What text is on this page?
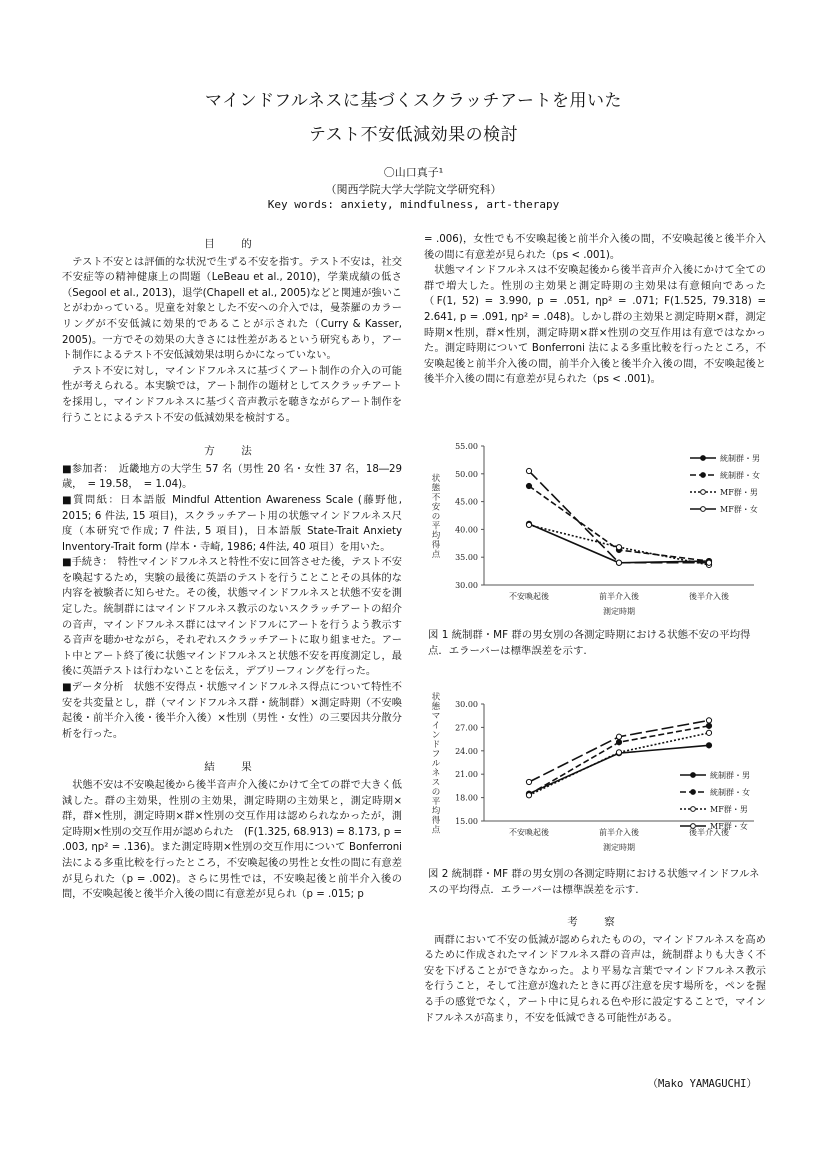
マインドフルネスに基づくスクラッチアートを用いた
テスト不安低減効果の検討
〇山口真子¹
（関西学院大学大学院文学研究科）
Key words: anxiety, mindfulness, art-therapy

目　的

テスト不安とは評価的な状況で生ずる不安を指す。テスト不安は，社交不安症等の精神健康上の問題（LeBeau et al., 2010)，学業成績の低さ（Segool et al., 2013)，退学(Chapell et al., 2005)などと関連が強いことがわかっている。児童を対象とした不安への介入では，曼荼羅のカラーリングが不安低減に効果的であることが示された（Curry & Kasser, 2005)。一方でその効果の大きさには性差があるという研究もあり，アート制作によるテスト不安低減効果は明らかになっていない。

テスト不安に対し，マインドフルネスに基づくアート制作の介入の可能性が考えられる。本実験では，アート制作の題材としてスクラッチアートを採用し，マインドフルネスに基づく音声教示を聴きながらアート制作を行うことによるテスト不安の低減効果を検討する。

方　法

■参加者：　近畿地方の大学生 57 名（男性 20 名・女性 37 名，18―29 歳，　= 19.58，　= 1.04)。

■質問紙：日本語版 Mindful Attention Awareness Scale (藤野他, 2015; 6 件法, 15 項目)，スクラッチアート用の状態マインドフルネス尺度（本研究で作成; 7 件法, 5 項目)，日本語版 State-Trait Anxiety Inventory-Trait form (岸本・寺崎, 1986; 4件法, 40 項目）を用いた。

■手続き：　特性マインドフルネスと特性不安に回答させた後，テスト不安を喚起するため，実験の最後に英語のテストを行うことことその具体的な内容を被験者に知らせた。その後，状態マインドフルネスと状態不安を測定した。統制群にはマインドフルネス教示のないスクラッチアートの紹介の音声，マインドフルネス群にはマインドフルにアートを行うよう教示する音声を聴かせながら，それぞれスクラッチアートに取り組ませた。アート中とアート終了後に状態マインドフルネスと状態不安を再度測定し，最後に英語テストは行わないことを伝え，デブリーフィングを行った。

■データ分析　状態不安得点・状態マインドフルネス得点について特性不安を共変量とし，群（マインドフルネス群・統制群）×測定時期（不安喚起後・前半介入後・後半介入後）×性別（男性・女性）の三要因共分散分析を行った。

結　果

状態不安は不安喚起後から後半音声介入後にかけて全ての群で大きく低減した。群の主効果，性別の主効果，測定時期の主効果と，測定時期×群，群×性別，測定時期×群×性別の交互作用は認められなかったが，測定時期×性別の交互作用が認められた　(F(1.325, 68.913) = 8.173, p = .003, ηp² = .136)。また測定時期×性別の交互作用について Bonferroni 法による多重比較を行ったところ，不安喚起後の男性と女性の間に有意差が見られた（p = .002)。さらに男性では，不安喚起後と前半介入後の間，不安喚起後と後半介入後の間に有意差が見られ（p = .015; p

= .006)，女性でも不安喚起後と前半介入後の間，不安喚起後と後半介入後の間に有意差が見られた（ps < .001)。

状態マインドフルネスは不安喚起後から後半音声介入後にかけて全ての群で増大した。性別の主効果と測定時期の主効果は有意傾向であった（F(1, 52) = 3.990, p = .051, ηp² = .071; F(1.525, 79.318) = 2.641, p = .091, ηp² = .048)。しかし群の主効果と測定時期×群，測定時期×性別，群×性別，測定時期×群×性別の交互作用は有意ではなかった。測定時期について Bonferroni 法による多重比較を行ったところ，不安喚起後と前半介入後の間，前半介入後と後半介入後の間，不安喚起後と後半介入後の間に有意差が見られた（ps < .001)。

30.00
35.00
40.00
45.00
50.00
55.00
不安喚起後	前半介入後	後半介入後
測定時期
状
態
不
安
の
平
均
得
点
統制群・男
統制群・女
MF群・男
MF群・女
図 1 統制群・MF 群の男女別の各測定時期における状態不安の平均得点．エラーバーは標準誤差を示す.
15.00
18.00
21.00
24.00
27.00
30.00
不安喚起後	前半介入後	後半介入後
測定時期
状
態
マ
イ
ン
ド
フ
ル
ネ
ス
の
平
均
得
点
統制群・男
統制群・女
MF群・男
MF群・女
図 2 統制群・MF 群の男女別の各測定時期における状態マインドフルネスの平均得点．エラーバーは標準誤差を示す.

考　察

両群において不安の低減が認められたものの，マインドフルネスを高めるために作成されたマインドフルネス群の音声は，統制群よりも大きく不安を下げることができなかった。より平易な言葉でマインドフルネス教示を行うこと，そして注意が逸れたときに再び注意を戻す場所を，ペンを握る手の感覚でなく，アート中に見られる色や形に設定することで，マインドフルネスが高まり，不安を低減できる可能性がある。

（Mako YAMAGUCHI）
